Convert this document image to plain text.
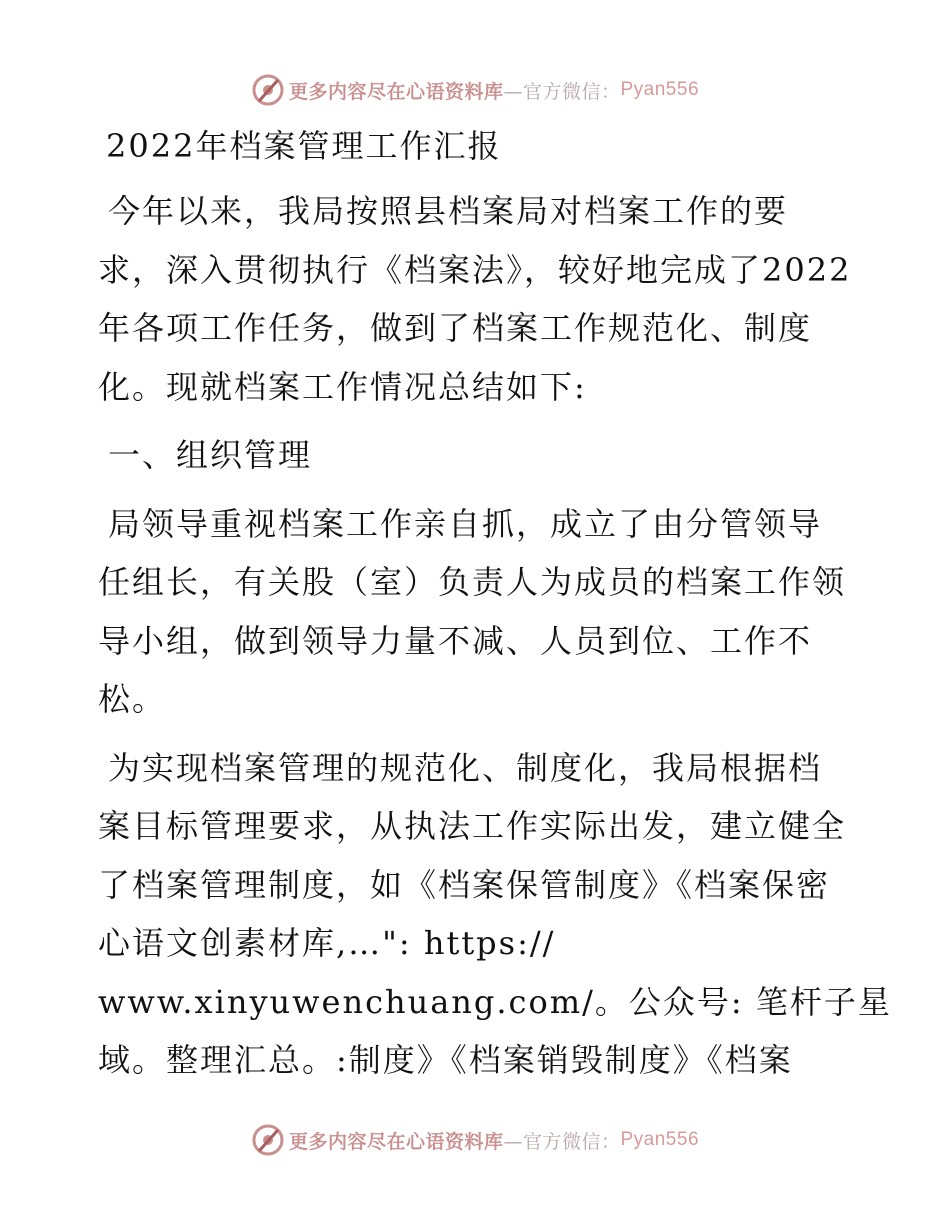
更多内容尽在心语资料库 —官方微信： Pyan556
2022年档案管理工作汇报
今年以来，我局按照县档案局对档案工作的要
求，深入贯彻执行《档案法》，较好地完成了2022
年各项工作任务，做到了档案工作规范化、制度
化。现就档案工作情况总结如下:
一、组织管理
局领导重视档案工作亲自抓，成立了由分管领导
任组长，有关股（室）负责人为成员的档案工作领
导小组，做到领导力量不减、人员到位、工作不
松。
为实现档案管理的规范化、制度化，我局根据档
案目标管理要求，从执法工作实际出发，建立健全
了档案管理制度，如《档案保管制度》《档案保密
心语文创素材库,…": https://
www.xinyuwenchuang.com/。公众号: 笔杆子星
域。整理汇总。:制度》《档案销毁制度》《档案
更多内容尽在心语资料库 —官方微信： Pyan556
